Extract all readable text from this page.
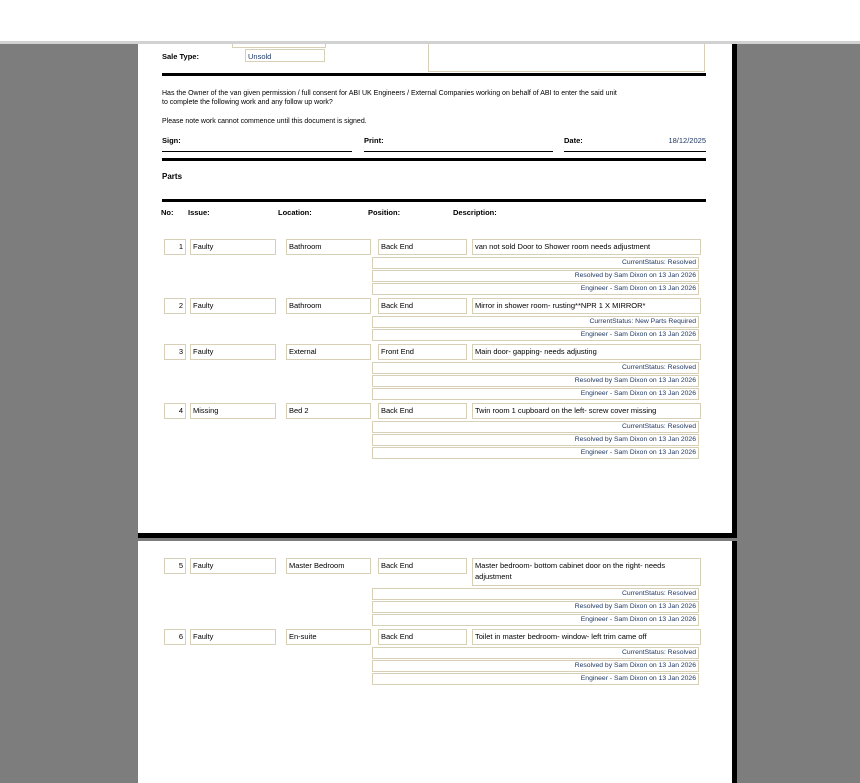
Sale Type:	Unsold
Has the Owner of the van given permission / full consent for ABI UK Engineers / External Companies working on behalf of ABI to enter the said unit
to complete the following work and any follow up work?
Please note work cannot commence until this document is signed.
Sign:	Print:	Date:	18/12/2025
Parts
No: Issue:	Location:	Position:	Description:
1	Faulty	Bathroom	Back End	van not sold Door to Shower room needs adjustment
CurrentStatus: Resolved
Resolved by Sam Dixon on 13 Jan 2026
Engineer - Sam Dixon on 13 Jan 2026
2	Faulty	Bathroom	Back End	Mirror in shower room- rusting**NPR 1 X MIRROR*
CurrentStatus: New Parts Required
Engineer - Sam Dixon on 13 Jan 2026
3	Faulty	External	Front End	Main door- gapping- needs adjusting
CurrentStatus: Resolved
Resolved by Sam Dixon on 13 Jan 2026
Engineer - Sam Dixon on 13 Jan 2026
4	Missing	Bed 2	Back End	Twin room 1 cupboard on the left- screw cover missing
CurrentStatus: Resolved
Resolved by Sam Dixon on 13 Jan 2026
Engineer - Sam Dixon on 13 Jan 2026
5	Faulty	Master Bedroom	Back End	Master bedroom- bottom cabinet door on the right- needs adjustment
CurrentStatus: Resolved
Resolved by Sam Dixon on 13 Jan 2026
Engineer - Sam Dixon on 13 Jan 2026
6	Faulty	En-suite	Back End	Toilet in master bedroom- window- left trim came off
CurrentStatus: Resolved
Resolved by Sam Dixon on 13 Jan 2026
Engineer - Sam Dixon on 13 Jan 2026
